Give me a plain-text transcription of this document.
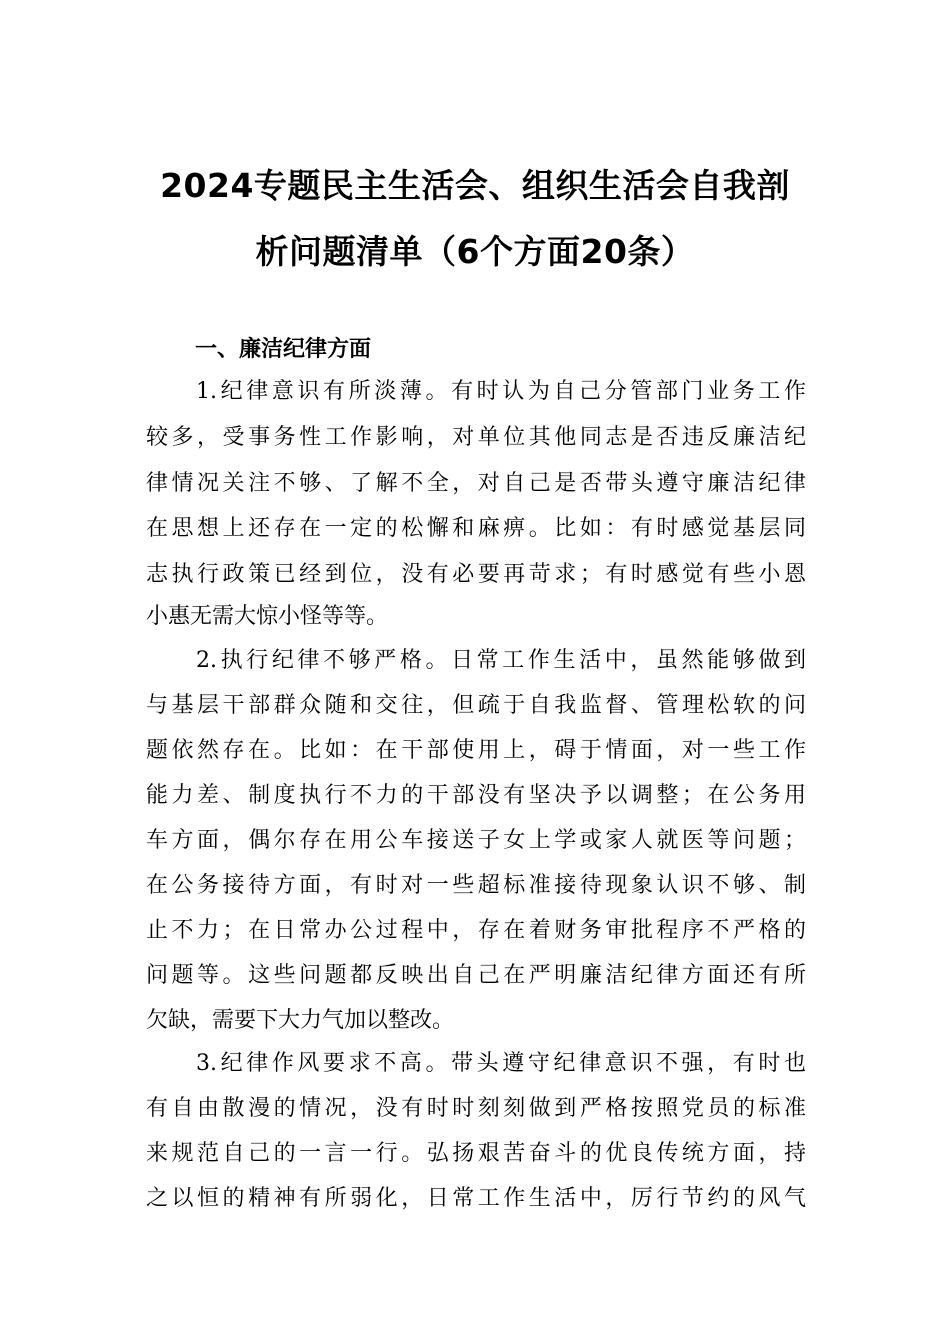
2024专题民主生活会、组织生活会自我剖
析问题清单（6个方面20条）
一、廉洁纪律方面
1.纪律意识有所淡薄。有时认为自己分管部门业务工作
较多，受事务性工作影响，对单位其他同志是否违反廉洁纪
律情况关注不够、了解不全，对自己是否带头遵守廉洁纪律
在思想上还存在一定的松懈和麻痹。比如：有时感觉基层同
志执行政策已经到位，没有必要再苛求；有时感觉有些小恩
小惠无需大惊小怪等等。
2.执行纪律不够严格。日常工作生活中，虽然能够做到
与基层干部群众随和交往，但疏于自我监督、管理松软的问
题依然存在。比如：在干部使用上，碍于情面，对一些工作
能力差、制度执行不力的干部没有坚决予以调整；在公务用
车方面，偶尔存在用公车接送子女上学或家人就医等问题；
在公务接待方面，有时对一些超标准接待现象认识不够、制
止不力；在日常办公过程中，存在着财务审批程序不严格的
问题等。这些问题都反映出自己在严明廉洁纪律方面还有所
欠缺，需要下大力气加以整改。
3.纪律作风要求不高。带头遵守纪律意识不强，有时也
有自由散漫的情况，没有时时刻刻做到严格按照党员的标准
来规范自己的一言一行。弘扬艰苦奋斗的优良传统方面，持
之以恒的精神有所弱化，日常工作生活中，厉行节约的风气
